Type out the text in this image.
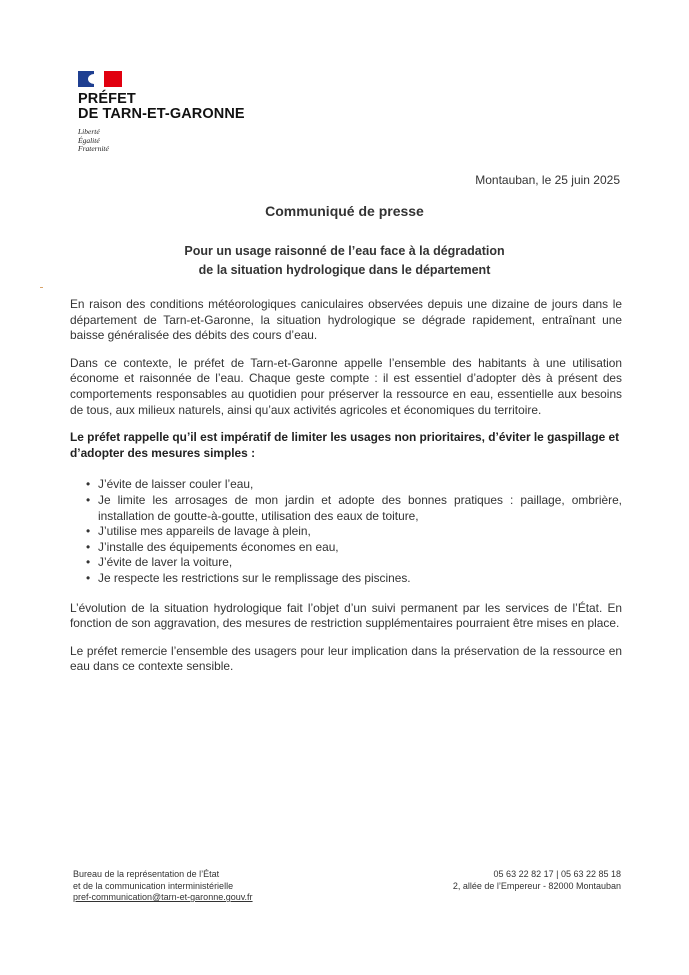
PRÉFET
DE TARN-ET-GARONNE
Liberté
Égalité
Fraternité
Montauban, le 25 juin 2025
Communiqué de presse
Pour un usage raisonné de l’eau face à la dégradation
de la situation hydrologique dans le département

En raison des conditions météorologiques caniculaires observées depuis une dizaine de jours dans le département de Tarn-et-Garonne, la situation hydrologique se dégrade rapidement, entraînant une baisse généralisée des débits des cours d’eau.

Dans ce contexte, le préfet de Tarn-et-Garonne appelle l’ensemble des habitants à une utilisation économe et raisonnée de l’eau. Chaque geste compte : il est essentiel d’adopter dès à présent des comportements responsables au quotidien pour préserver la ressource en eau, essentielle aux besoins de tous, aux milieux naturels, ainsi qu’aux activités agricoles et économiques du territoire.

Le préfet rappelle qu’il est impératif de limiter les usages non prioritaires, d’éviter le gaspillage et d’adopter des mesures simples :

• J’évite de laisser couler l’eau,
• Je limite les arrosages de mon jardin et adopte des bonnes pratiques : paillage, ombrière, installation de goutte-à-goutte, utilisation des eaux de toiture,
• J’utilise mes appareils de lavage à plein,
• J’installe des équipements économes en eau,
• J’évite de laver la voiture,
• Je respecte les restrictions sur le remplissage des piscines.

L’évolution de la situation hydrologique fait l’objet d’un suivi permanent par les services de l’État. En fonction de son aggravation, des mesures de restriction supplémentaires pourraient être mises en place.

Le préfet remercie l’ensemble des usagers pour leur implication dans la préservation de la ressource en eau dans ce contexte sensible.

Bureau de la représentation de l’État
et de la communication interministérielle
pref-communication@tarn-et-garonne.gouv.fr
05 63 22 82 17 | 05 63 22 85 18
2, allée de l’Empereur - 82000 Montauban
